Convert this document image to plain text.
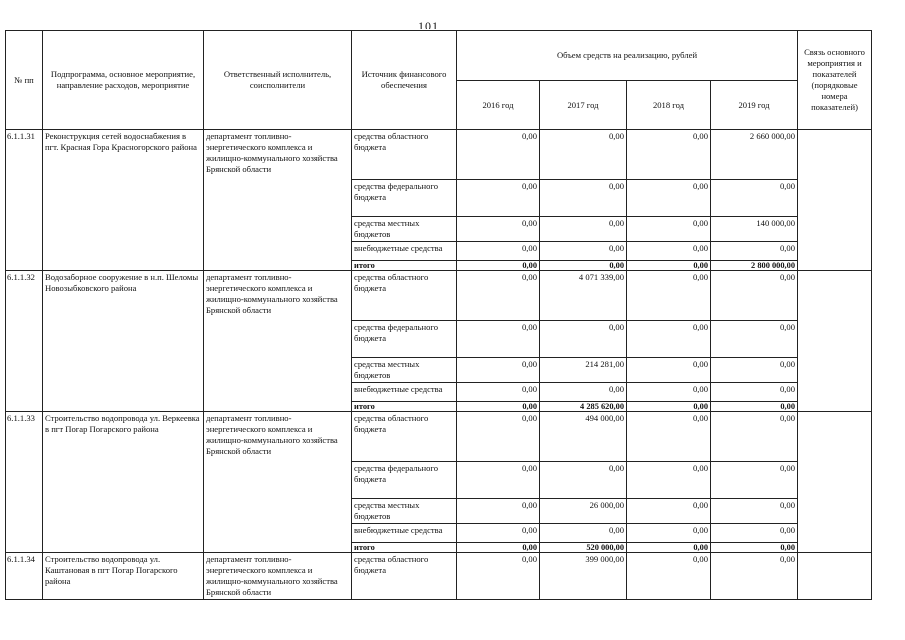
101
№ пп	Подпрограмма, основное мероприятие, направление расходов, мероприятие	Ответственный исполнитель, соисполнители	Источник финансового обеспечения	Объем средств на реализацию, рублей				Связь основного мероприятия и показателей (порядковые номера показателей)
				2016 год	2017 год	2018 год	2019 год	
6.1.1.31	Реконструкция сетей водоснабжения в пгт. Красная Гора Красногорского района	департамент топливно-энергетического комплекса и жилищно-коммунального хозяйства Брянской области	средства областного бюджета	0,00	0,00	0,00	2 660 000,00	
			средства федерального бюджета	0,00	0,00	0,00	0,00	
			средства местных бюджетов	0,00	0,00	0,00	140 000,00	
			внебюджетные средства	0,00	0,00	0,00	0,00	
			итого	0,00	0,00	0,00	2 800 000,00	
6.1.1.32	Водозаборное сооружение в н.п. Шеломы Новозыбковского района	департамент топливно-энергетического комплекса и жилищно-коммунального хозяйства Брянской области	средства областного бюджета	0,00	4 071 339,00	0,00	0,00	
			средства федерального бюджета	0,00	0,00	0,00	0,00	
			средства местных бюджетов	0,00	214 281,00	0,00	0,00	
			внебюджетные средства	0,00	0,00	0,00	0,00	
			итого	0,00	4 285 620,00	0,00	0,00	
6.1.1.33	Строительство водопровода ул. Веркеевка в пгт Погар Погарского района	департамент топливно-энергетического комплекса и жилищно-коммунального хозяйства Брянской области	средства областного бюджета	0,00	494 000,00	0,00	0,00	
			средства федерального бюджета	0,00	0,00	0,00	0,00	
			средства местных бюджетов	0,00	26 000,00	0,00	0,00	
			внебюджетные средства	0,00	0,00	0,00	0,00	
			итого	0,00	520 000,00	0,00	0,00	
6.1.1.34	Строительство водопровода ул. Каштановая в пгт Погар Погарского района	департамент топливно-энергетического комплекса и жилищно-коммунального хозяйства Брянской области	средства областного бюджета	0,00	399 000,00	0,00	0,00	
